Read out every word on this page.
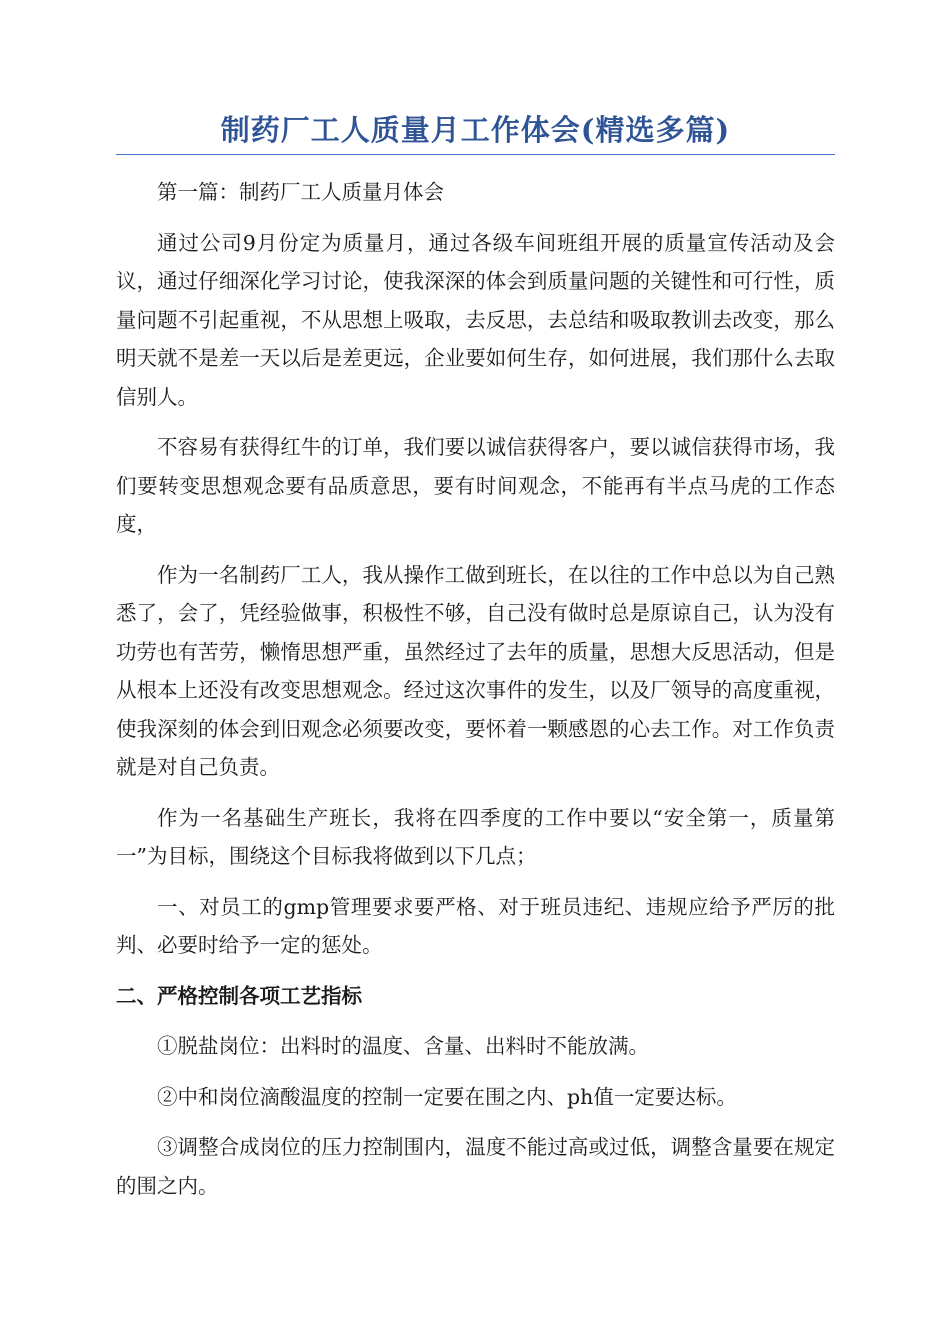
制药厂工人质量月工作体会(精选多篇)

第一篇：制药厂工人质量月体会

通过公司9月份定为质量月，通过各级车间班组开展的质量宣传活动及会议，通过仔细深化学习讨论，使我深深的体会到质量问题的关键性和可行性，质量问题不引起重视，不从思想上吸取，去反思，去总结和吸取教训去改变，那么明天就不是差一天以后是差更远，企业要如何生存，如何进展，我们那什么去取信别人。

不容易有获得红牛的订单，我们要以诚信获得客户，要以诚信获得市场，我们要转变思想观念要有品质意思，要有时间观念，不能再有半点马虎的工作态度，

作为一名制药厂工人，我从操作工做到班长，在以往的工作中总以为自己熟悉了，会了，凭经验做事，积极性不够，自己没有做时总是原谅自己，认为没有功劳也有苦劳，懒惰思想严重，虽然经过了去年的质量，思想大反思活动，但是从根本上还没有改变思想观念。经过这次事件的发生，以及厂领导的高度重视，使我深刻的体会到旧观念必须要改变，要怀着一颗感恩的心去工作。对工作负责就是对自己负责。

作为一名基础生产班长，我将在四季度的工作中要以“安全第一，质量第一”为目标，围绕这个目标我将做到以下几点；

一、对员工的gmp管理要求要严格、对于班员违纪、违规应给予严厉的批判、必要时给予一定的惩处。

二、严格控制各项工艺指标

①脱盐岗位：出料时的温度、含量、出料时不能放满。

②中和岗位滴酸温度的控制一定要在围之内、ph值一定要达标。

③调整合成岗位的压力控制围内，温度不能过高或过低，调整含量要在规定的围之内。
